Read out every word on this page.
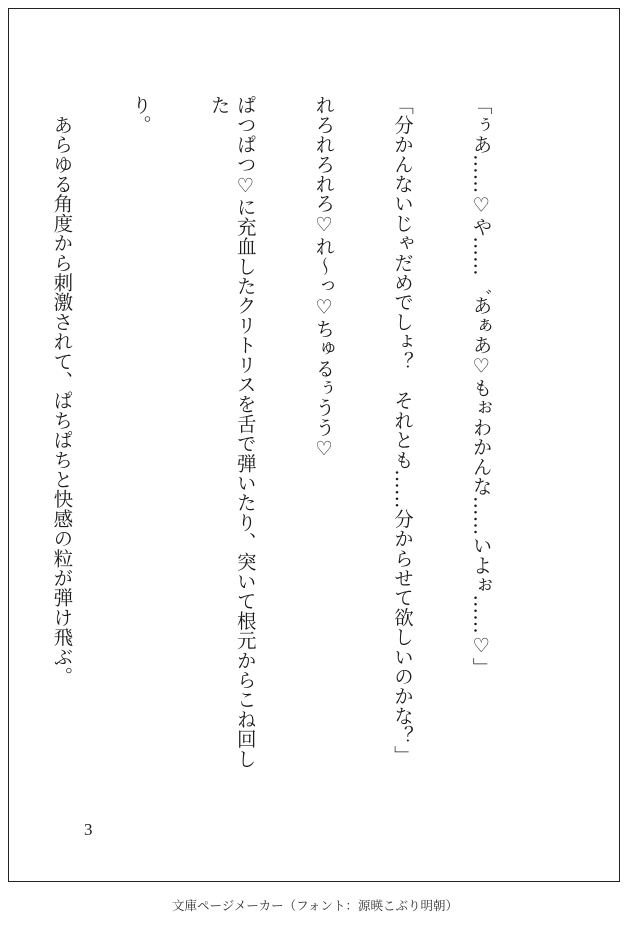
「ぅあ……♡や……゛あぁあ♡もぉわかんな……いよぉ……♡」

「分かんないじゃだめでしょ？　それとも……分からせて欲しいのかな？」

れろれろれろ♡れ〜っ♡ちゅるぅうう♡

ぱつぱつ♡に充血したクリトリスを舌で弾いたり、突いて根元からこね回した

り。

　あらゆる角度から刺激されて、ぱちぱちと快感の粒が弾け飛ぶ。

3
文庫ページメーカー（フォント：源暎こぶり明朝）
